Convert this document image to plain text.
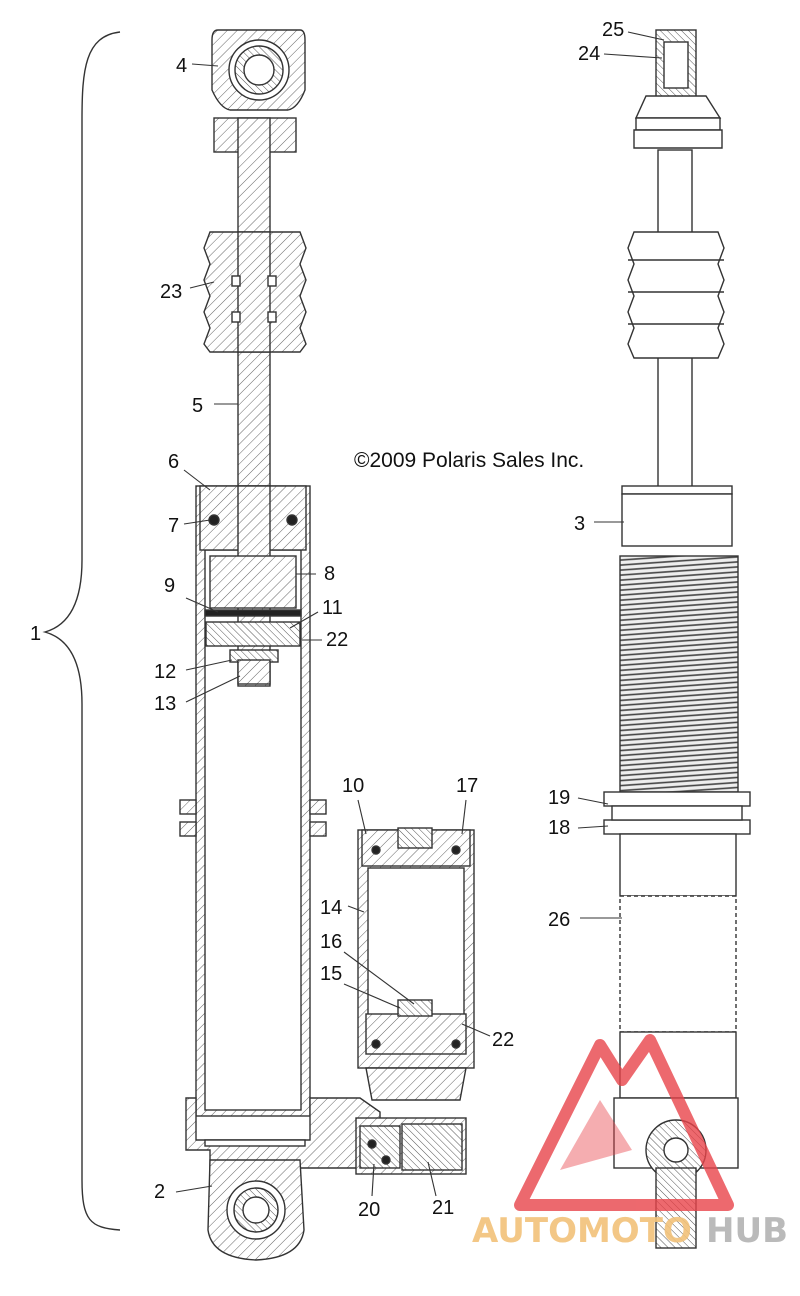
4
23
5
6
7
8
9
11
22
1
12
13
10	17
14
16
15
22
2
20	21
25
24
3
19
18
26
©2009 Polaris Sales Inc.
AUTOMOTO HUB
